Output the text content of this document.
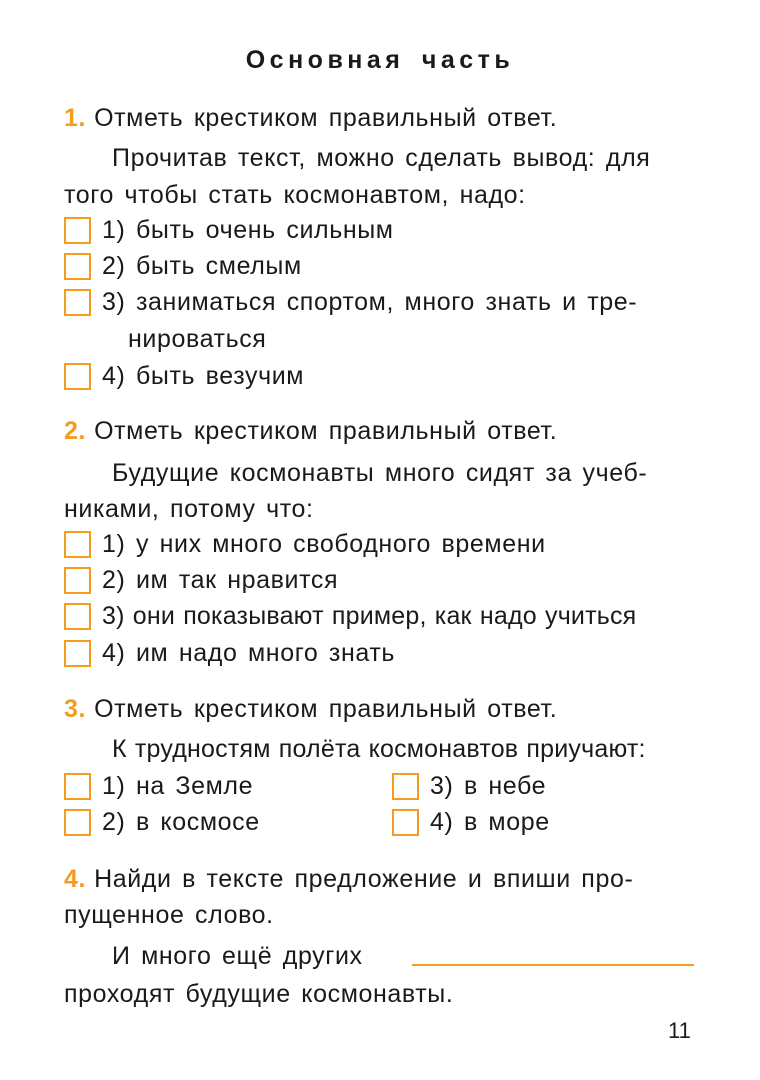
Основная часть
1. Отметь крестиком правильный ответ.
Прочитав текст, можно сделать вывод: для
того чтобы стать космонавтом, надо:
1) быть очень сильным
2) быть смелым
3) заниматься спортом, много знать и тре-
нироваться
4) быть везучим
2. Отметь крестиком правильный ответ.
Будущие космонавты много сидят за учеб-
никами, потому что:
1) у них много свободного времени
2) им так нравится
3) они показывают пример, как надо учиться
4) им надо много знать
3. Отметь крестиком правильный ответ.
К трудностям полёта космонавтов приучают:
1) на Земле
2) в космосе
3) в небе
4) в море
4. Найди в тексте предложение и впиши про-
пущенное слово.
И много ещё других
проходят будущие космонавты.
11
